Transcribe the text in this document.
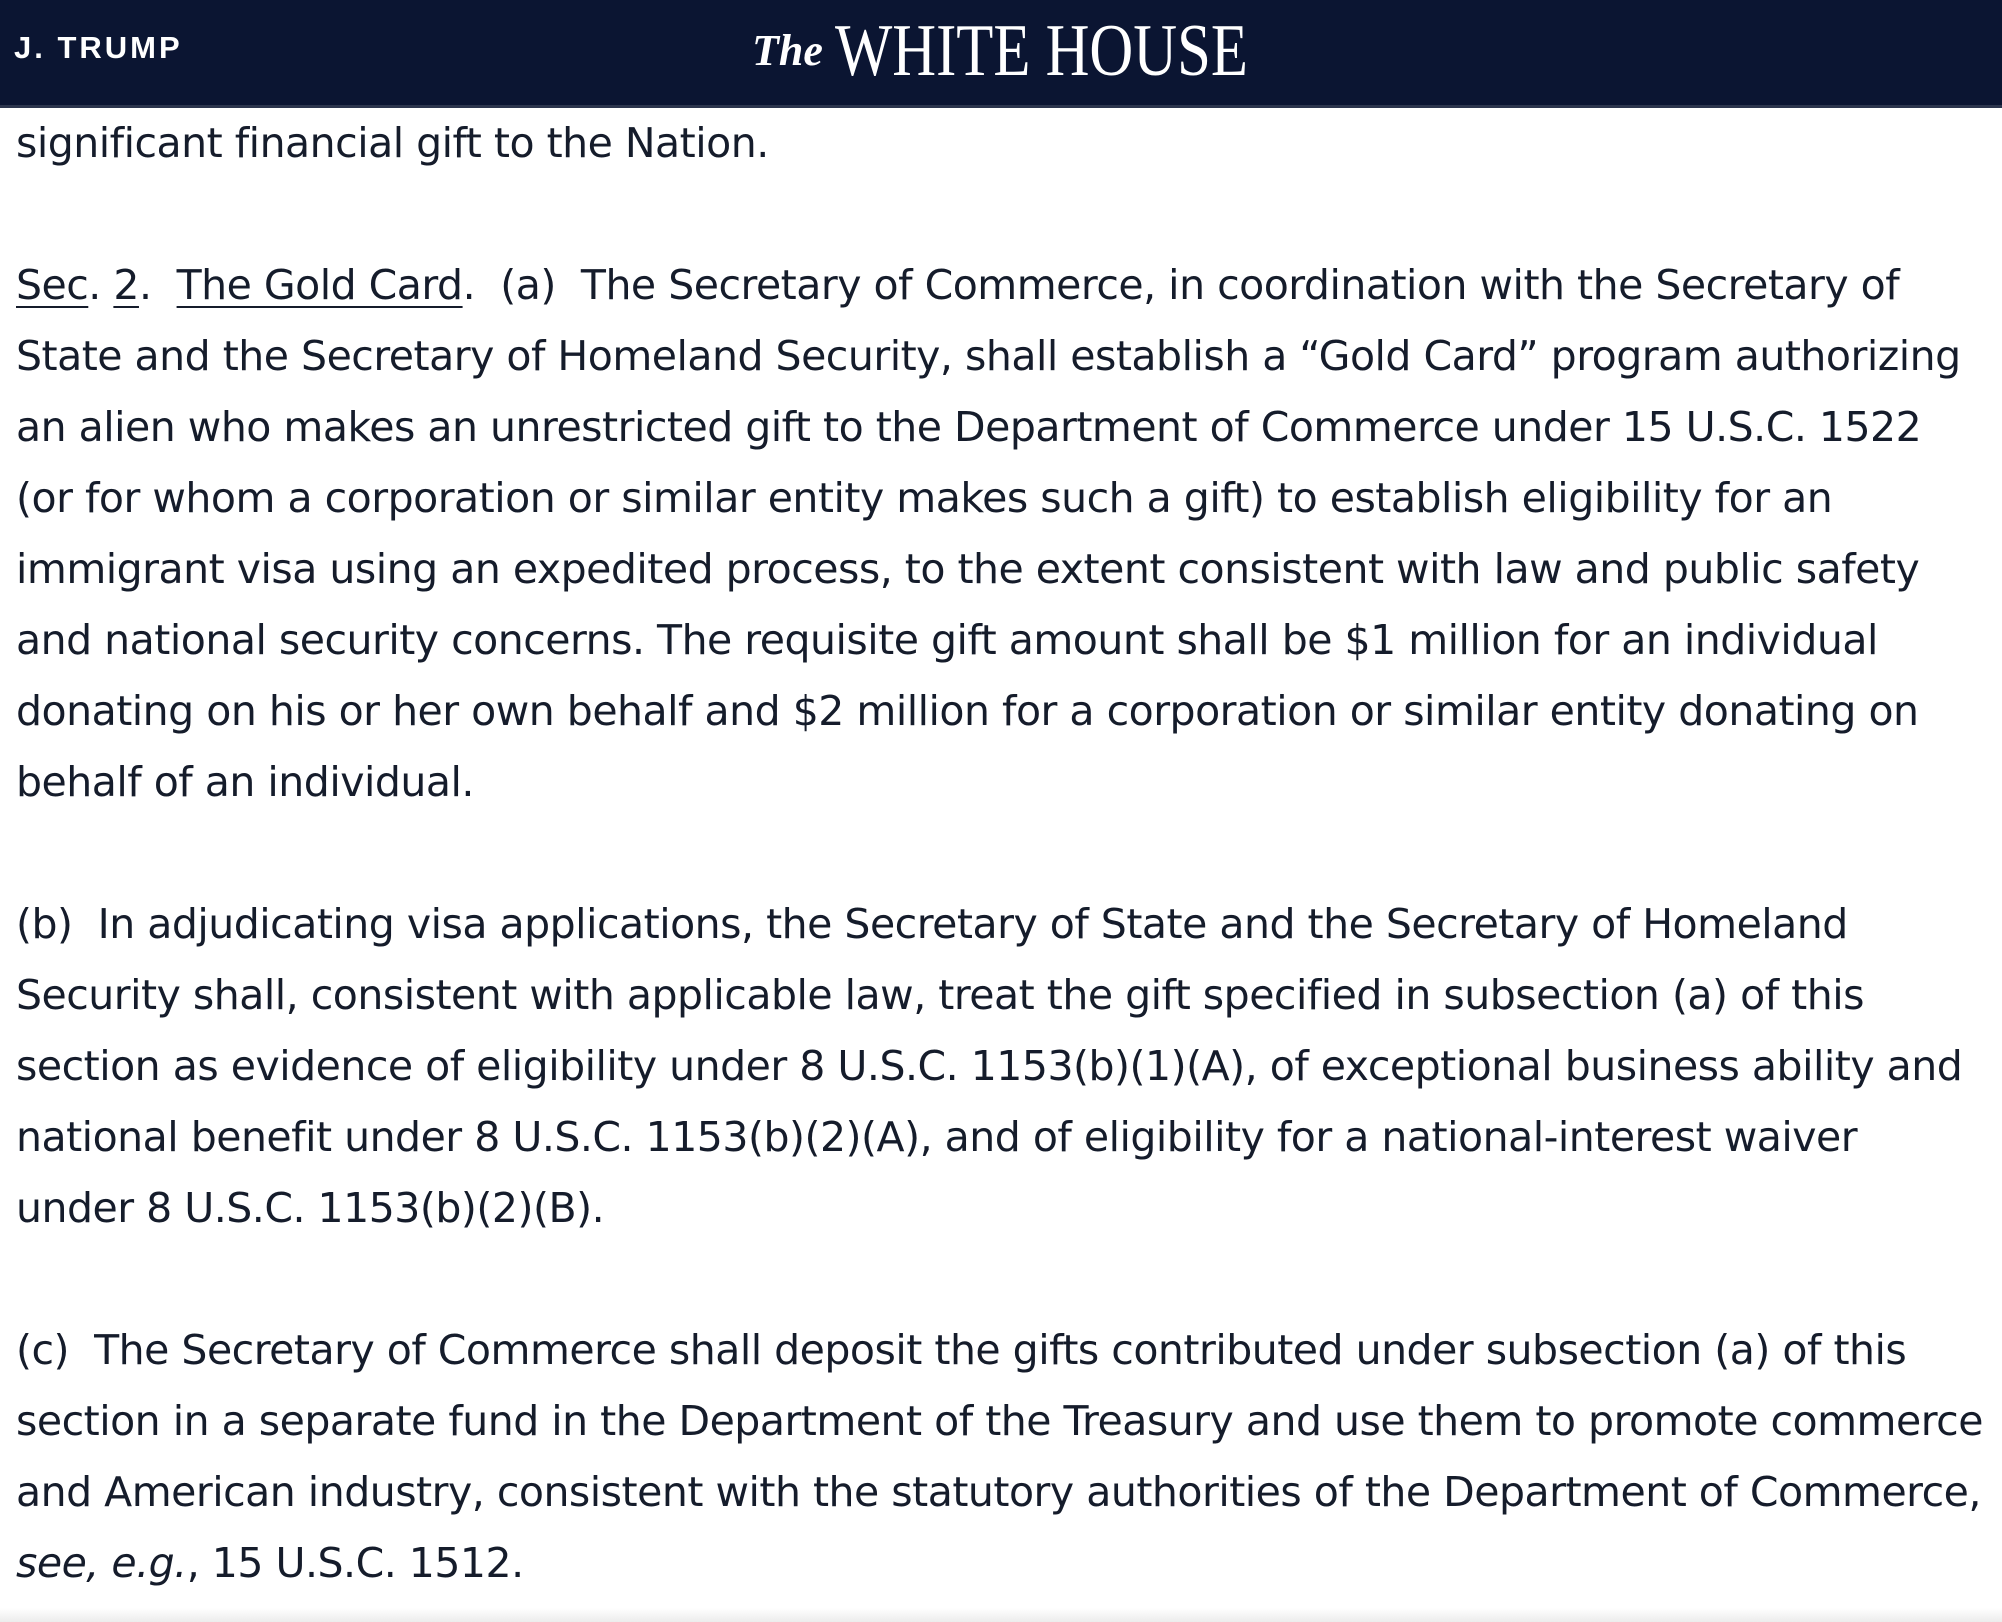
J. TRUMP	The WHITE HOUSE

significant financial gift to the Nation.

Sec. 2.  The Gold Card.  (a) The Secretary of Commerce, in coordination with the Secretary of State and the Secretary of Homeland Security, shall establish a “Gold Card” program authorizing an alien who makes an unrestricted gift to the Department of Commerce under 15 U.S.C. 1522 (or for whom a corporation or similar entity makes such a gift) to establish eligibility for an immigrant visa using an expedited process, to the extent consistent with law and public safety and national security concerns. The requisite gift amount shall be $1 million for an individual donating on his or her own behalf and $2 million for a corporation or similar entity donating on behalf of an individual.

(b) In adjudicating visa applications, the Secretary of State and the Secretary of Homeland Security shall, consistent with applicable law, treat the gift specified in subsection (a) of this section as evidence of eligibility under 8 U.S.C. 1153(b)(1)(A), of exceptional business ability and national benefit under 8 U.S.C. 1153(b)(2)(A), and of eligibility for a national-interest waiver under 8 U.S.C. 1153(b)(2)(B).

(c) The Secretary of Commerce shall deposit the gifts contributed under subsection (a) of this section in a separate fund in the Department of the Treasury and use them to promote commerce and American industry, consistent with the statutory authorities of the Department of Commerce, see, e.g., 15 U.S.C. 1512.
